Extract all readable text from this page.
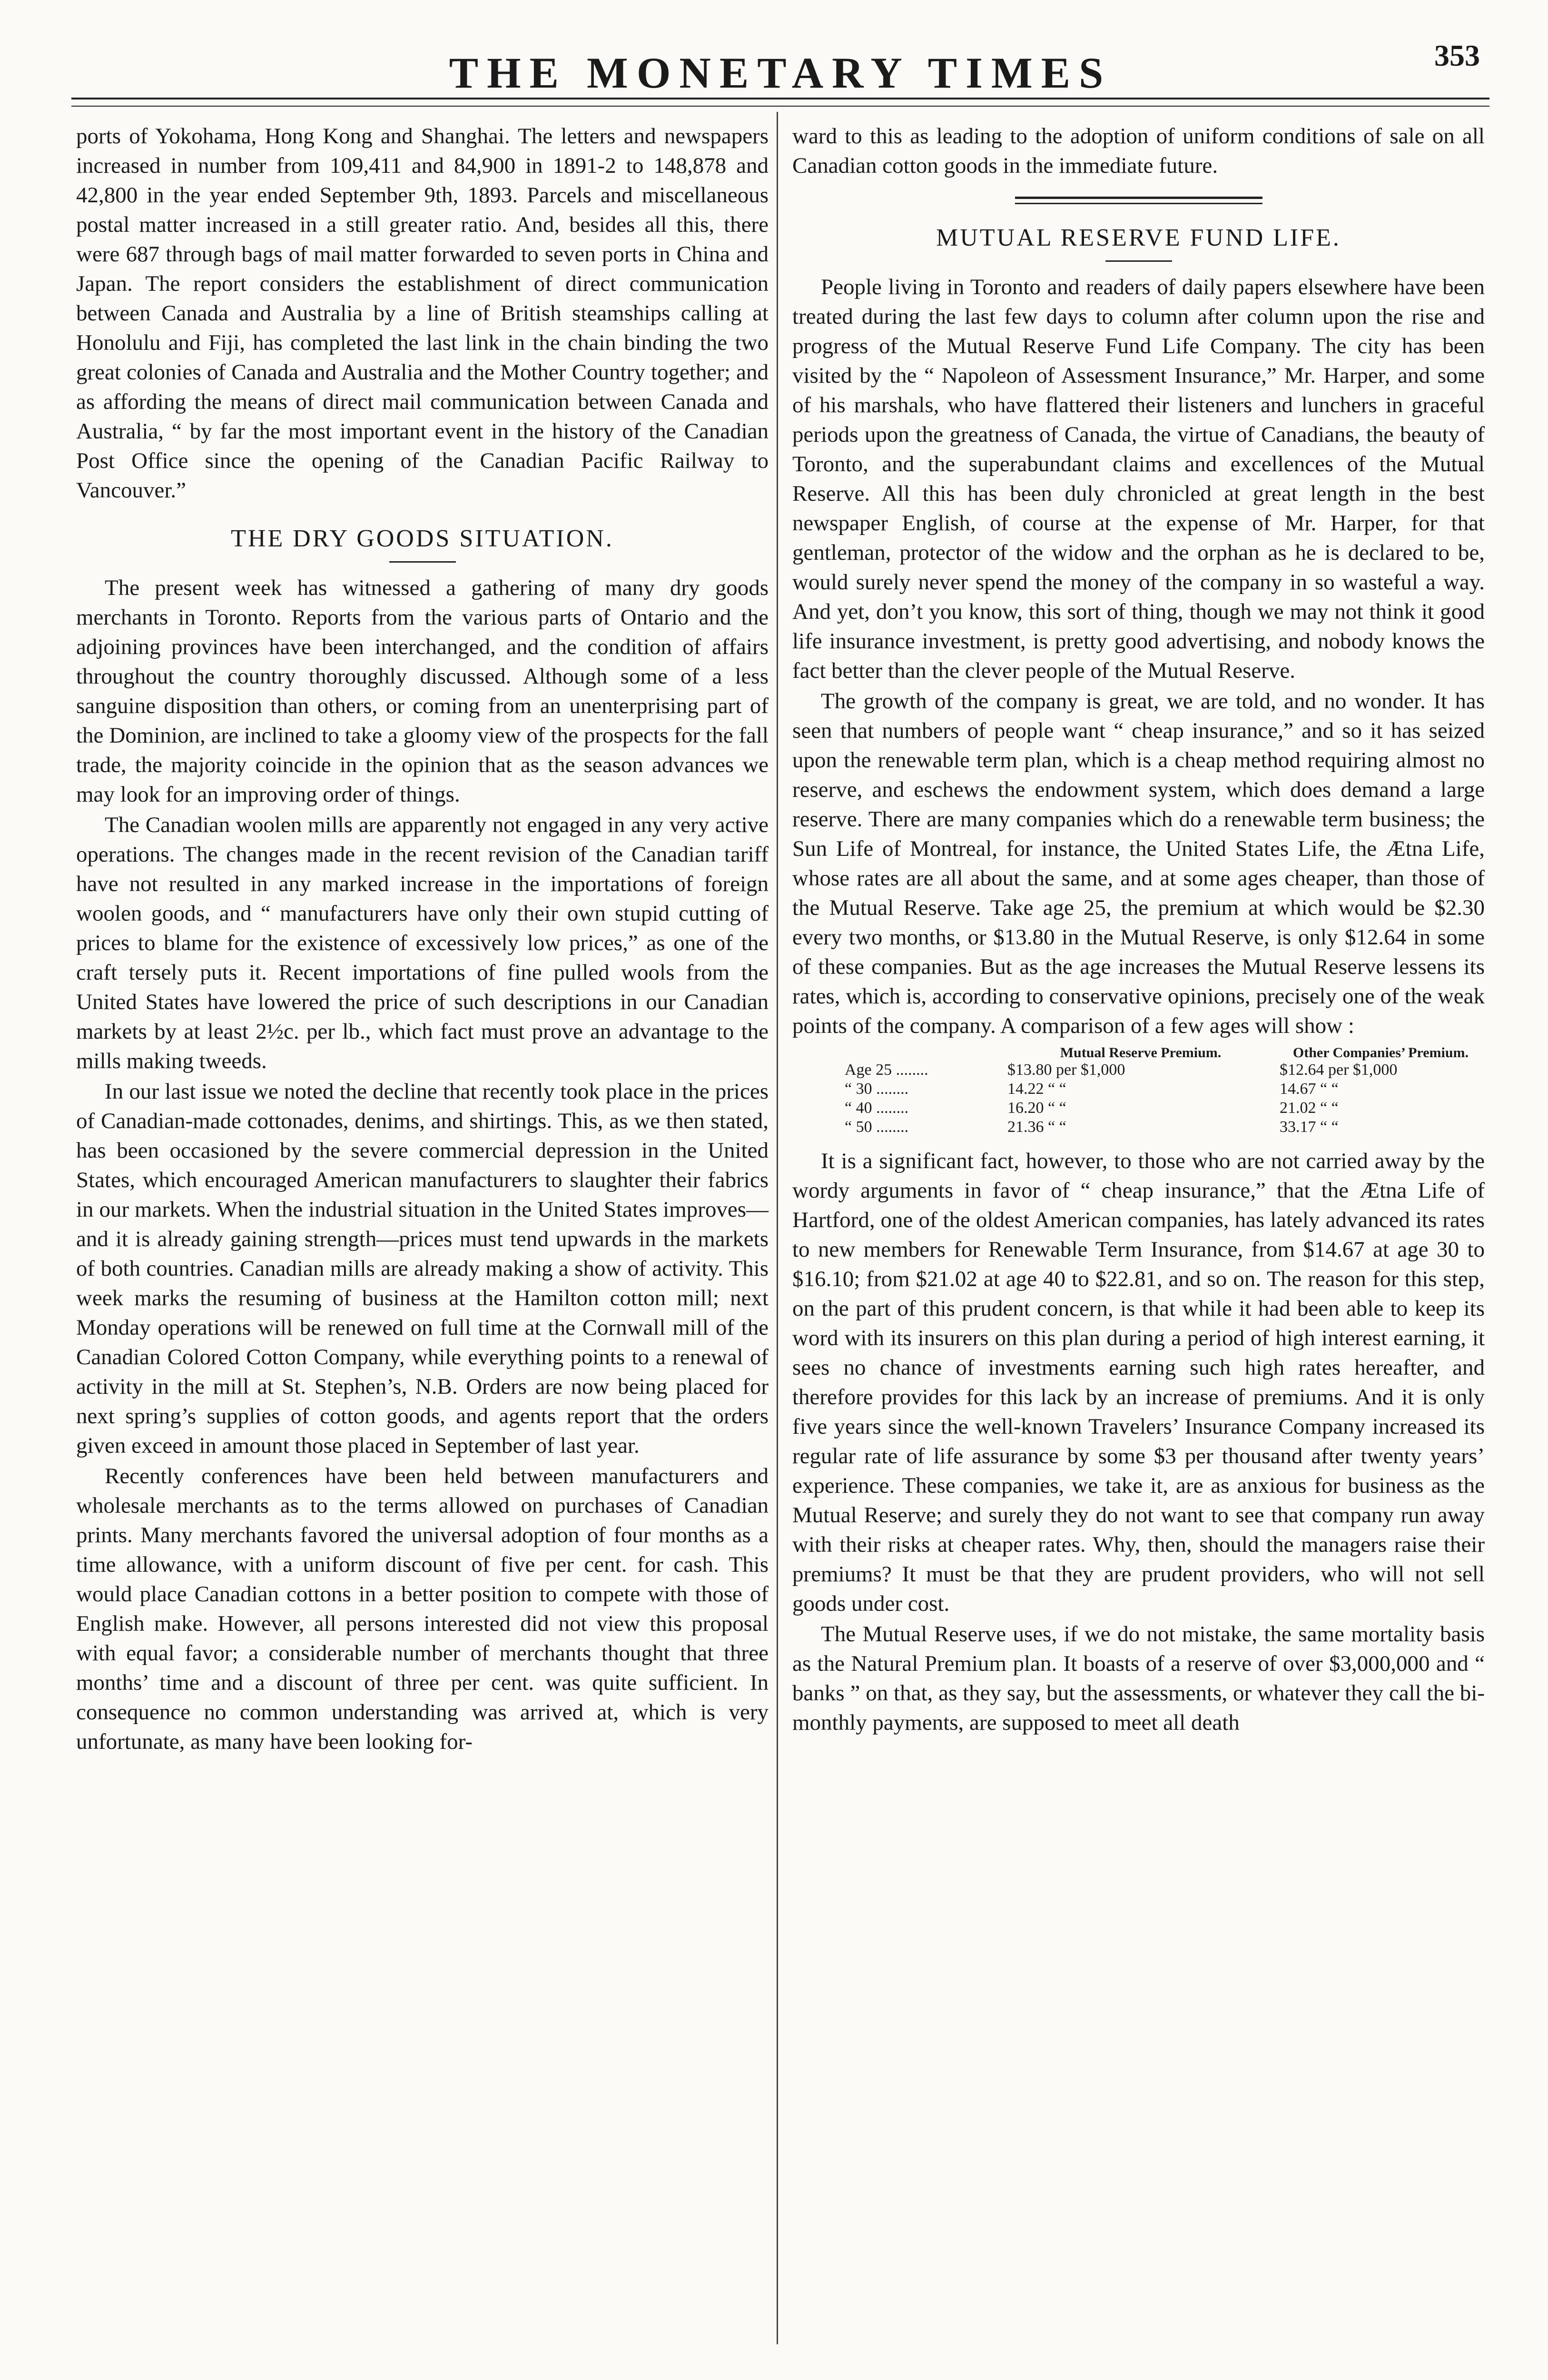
THE MONETARY TIMES	353

ports of Yokohama, Hong Kong and Shanghai. The letters and newspapers increased in number from 109,411 and 84,900 in 1891-2 to 148,878 and 42,800 in the year ended September 9th, 1893. Parcels and miscellaneous postal matter increased in a still greater ratio. And, besides all this, there were 687 through bags of mail matter forwarded to seven ports in China and Japan. The report considers the establishment of direct communication between Canada and Australia by a line of British steamships calling at Honolulu and Fiji, has completed the last link in the chain binding the two great colonies of Canada and Australia and the Mother Country together; and as affording the means of direct mail communication between Canada and Australia, “ by far the most important event in the history of the Canadian Post Office since the opening of the Canadian Pacific Railway to Vancouver.”

THE DRY GOODS SITUATION.

The present week has witnessed a gathering of many dry goods merchants in Toronto. Reports from the various parts of Ontario and the adjoining provinces have been interchanged, and the condition of affairs throughout the country thoroughly discussed. Although some of a less sanguine disposition than others, or coming from an unenterprising part of the Dominion, are inclined to take a gloomy view of the prospects for the fall trade, the majority coincide in the opinion that as the season advances we may look for an improving order of things.

The Canadian woolen mills are apparently not engaged in any very active operations. The changes made in the recent revision of the Canadian tariff have not resulted in any marked increase in the importations of foreign woolen goods, and “ manufacturers have only their own stupid cutting of prices to blame for the existence of excessively low prices,” as one of the craft tersely puts it. Recent importations of fine pulled wools from the United States have lowered the price of such descriptions in our Canadian markets by at least 2½c. per lb., which fact must prove an advantage to the mills making tweeds.

In our last issue we noted the decline that recently took place in the prices of Canadian-made cottonades, denims, and shirtings. This, as we then stated, has been occasioned by the severe commercial depression in the United States, which encouraged American manufacturers to slaughter their fabrics in our markets. When the industrial situation in the United States improves—and it is already gaining strength—prices must tend upwards in the markets of both countries. Canadian mills are already making a show of activity. This week marks the resuming of business at the Hamilton cotton mill; next Monday operations will be renewed on full time at the Cornwall mill of the Canadian Colored Cotton Company, while everything points to a renewal of activity in the mill at St. Stephen’s, N.B. Orders are now being placed for next spring’s supplies of cotton goods, and agents report that the orders given exceed in amount those placed in September of last year.

Recently conferences have been held between manufacturers and wholesale merchants as to the terms allowed on purchases of Canadian prints. Many merchants favored the universal adoption of four months as a time allowance, with a uniform discount of five per cent. for cash. This would place Canadian cottons in a better position to compete with those of English make. However, all persons interested did not view this proposal with equal favor; a considerable number of merchants thought that three months’ time and a discount of three per cent. was quite sufficient. In consequence no common understanding was arrived at, which is very unfortunate, as many have been looking for-

ward to this as leading to the adoption of uniform conditions of sale on all Canadian cotton goods in the immediate future.

MUTUAL RESERVE FUND LIFE.

People living in Toronto and readers of daily papers elsewhere have been treated during the last few days to column after column upon the rise and progress of the Mutual Reserve Fund Life Company. The city has been visited by the “ Napoleon of Assessment Insurance,” Mr. Harper, and some of his marshals, who have flattered their listeners and lunchers in graceful periods upon the greatness of Canada, the virtue of Canadians, the beauty of Toronto, and the superabundant claims and excellences of the Mutual Reserve. All this has been duly chronicled at great length in the best newspaper English, of course at the expense of Mr. Harper, for that gentleman, protector of the widow and the orphan as he is declared to be, would surely never spend the money of the company in so wasteful a way. And yet, don’t you know, this sort of thing, though we may not think it good life insurance investment, is pretty good advertising, and nobody knows the fact better than the clever people of the Mutual Reserve.

The growth of the company is great, we are told, and no wonder. It has seen that numbers of people want “ cheap insurance,” and so it has seized upon the renewable term plan, which is a cheap method requiring almost no reserve, and eschews the endowment system, which does demand a large reserve. There are many companies which do a renewable term business; the Sun Life of Montreal, for instance, the United States Life, the Ætna Life, whose rates are all about the same, and at some ages cheaper, than those of the Mutual Reserve. Take age 25, the premium at which would be $2.30 every two months, or $13.80 in the Mutual Reserve, is only $12.64 in some of these companies. But as the age increases the Mutual Reserve lessens its rates, which is, according to conservative opinions, precisely one of the weak points of the company. A comparison of a few ages will show :

	Mutual Reserve Premium.	Other Companies’ Premium.
Age 25 ........	$13.80 per $1,000	$12.64 per $1,000
“ 30 ........	14.22 “ “	14.67 “ “
“ 40 ........	16.20 “ “	21.02 “ “
“ 50 ........	21.36 “ “	33.17 “ “

It is a significant fact, however, to those who are not carried away by the wordy arguments in favor of “ cheap insurance,” that the Ætna Life of Hartford, one of the oldest American companies, has lately advanced its rates to new members for Renewable Term Insurance, from $14.67 at age 30 to $16.10; from $21.02 at age 40 to $22.81, and so on. The reason for this step, on the part of this prudent concern, is that while it had been able to keep its word with its insurers on this plan during a period of high interest earning, it sees no chance of investments earning such high rates hereafter, and therefore provides for this lack by an increase of premiums. And it is only five years since the well-known Travelers’ Insurance Company increased its regular rate of life assurance by some $3 per thousand after twenty years’ experience. These companies, we take it, are as anxious for business as the Mutual Reserve; and surely they do not want to see that company run away with their risks at cheaper rates. Why, then, should the managers raise their premiums? It must be that they are prudent providers, who will not sell goods under cost.

The Mutual Reserve uses, if we do not mistake, the same mortality basis as the Natural Premium plan. It boasts of a reserve of over $3,000,000 and “ banks ” on that, as they say, but the assessments, or whatever they call the bi-monthly payments, are supposed to meet all death
